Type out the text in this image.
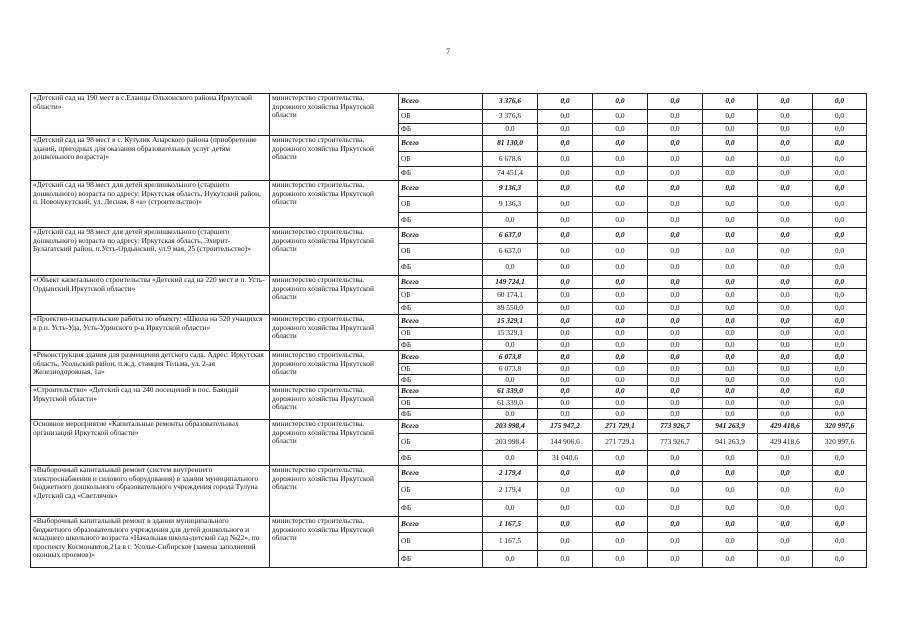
7
«Детский сад на 190 мест в с.Еланцы Ольхонского района Иркутской области»	министерство строительства, дорожного хозяйства Иркутской области	Всего	3 376,6	0,0	0,0	0,0	0,0	0,0	0,0
		ОБ	3 376,6	0,0	0,0	0,0	0,0	0,0	0,0
		ФБ	0,0	0,0	0,0	0,0	0,0	0,0	0,0
«Детский сад на 98 мест в с. Кутулик Аларского района (приобретение зданий, пригодных для оказания образовательных услуг детям дошкольного возраста)»	министерство строительства, дорожного хозяйства Иркутской области	Всего	81 130,0	0,0	0,0	0,0	0,0	0,0	0,0
		ОБ	6 678,6	0,0	0,0	0,0	0,0	0,0	0,0
		ФБ	74 451,4	0,0	0,0	0,0	0,0	0,0	0,0
«Детский сад на 98 мест для детей ярелишкольного (старшего дошкольного) возраста по адресу: Иркутская область, Нукутский район, п. Новонукутский, ул. Лесная, 8 «а» (строительство)»	министерство строительства, дорожного хозяйства Иркутской области	Всего	9 136,3	0,0	0,0	0,0	0,0	0,0	0,0
		ОБ	9 136,3	0,0	0,0	0,0	0,0	0,0	0,0
		ФБ	0,0	0,0	0,0	0,0	0,0	0,0	0,0
«Детский сад на 98 мест для детей ярелишкольного (старшего дошкольного) возраста по адресу: Иркутская область, Эхирит-Булагатский район, п.Усть-Ордынский, ул.9 мая, 25 (строительство)»	министерство строительства, дорожного хозяйства Иркутской области	Всего	6 637,0	0,0	0,0	0,0	0,0	0,0	0,0
		ОБ	6 637,0	0,0	0,0	0,0	0,0	0,0	0,0
		ФБ	0,0	0,0	0,0	0,0	0,0	0,0	0,0
«Объект капитального строительства «Детский сад на 220 мест в п. Усть-Ордынский Иркутской области»	министерство строительства, дорожного хозяйства Иркутской области	Всего	149 724,1	0,0	0,0	0,0	0,0	0,0	0,0
		ОБ	60 174,1	0,0	0,0	0,0	0,0	0,0	0,0
		ФБ	89 550,0	0,0	0,0	0,0	0,0	0,0	0,0
«Проектно-изыскательские работы по объекту: «Школа на 520 учащихся в р.п. Усть-Уда, Усть-Удинского р-н Иркутской области»	министерство строительства, дорожного хозяйства Иркутской области	Всего	15 329,1	0,0	0,0	0,0	0,0	0,0	0,0
		ОБ	15 329,1	0,0	0,0	0,0	0,0	0,0	0,0
		ФБ	0,0	0,0	0,0	0,0	0,0	0,0	0,0
«Реконструкция здания для размещения детского сада. Адрес: Иркутская область, Усольский район, п.ж.д. станция Тельма, ул. 2-ая Железнодорожная, 1а»	министерство строительства, дорожного хозяйства Иркутской области	Всего	6 073,8	0,0	0,0	0,0	0,0	0,0	0,0
		ОБ	6 073,8	0,0	0,0	0,0	0,0	0,0	0,0
		ФБ	0,0	0,0	0,0	0,0	0,0	0,0	0,0
«Строительство» «Детский сад на 240 посещений в пос. Баяндай Иркутской области»	министерство строительства, дорожного хозяйства Иркутской области	Всего	61 339,0	0,0	0,0	0,0	0,0	0,0	0,0
		ОБ	61 339,0	0,0	0,0	0,0	0,0	0,0	0,0
		ФБ	0,0	0,0	0,0	0,0	0,0	0,0	0,0
Основное мероприятие «Капитальные ремонты образовательных организаций Иркутской области»	министерство строительства, дорожного хозяйства Иркутской области	Всего	203 998,4	175 947,2	271 729,1	773 926,7	941 263,9	429 418,6	320 997,6
		ОБ	203 998,4	144 906,6	271 729,1	773 926,7	941 263,9	429 418,6	320 997,6
		ФБ	0,0	31 040,6	0,0	0,0	0,0	0,0	0,0
«Выборочный капитальный ремонт (систем внутреннего электроснабжения и силового оборудования) в здании муниципального бюджетного дошкольного образовательного учреждения города Тулуна «Детский сад «Светлячок»	министерство строительства, дорожного хозяйства Иркутской области	Всего	2 179,4	0,0	0,0	0,0	0,0	0,0	0,0
		ОБ	2 179,4	0,0	0,0	0,0	0,0	0,0	0,0
		ФБ	0,0	0,0	0,0	0,0	0,0	0,0	0,0
«Выборочный капитальный ремонт в здании муниципального бюджетного образовательного учреждения для детей дошкольного и младшего школьного возраста «Начальная школа-детский сад №22», по проспекту Космонавтов,21а в г. Усолье-Сибирское (замена заполнений оконных проемов)»	министерство строительства, дорожного хозяйства Иркутской области	Всего	1 167,5	0,0	0,0	0,0	0,0	0,0	0,0
		ОБ	1 167,5	0,0	0,0	0,0	0,0	0,0	0,0
		ФБ	0,0	0,0	0,0	0,0	0,0	0,0	0,0
